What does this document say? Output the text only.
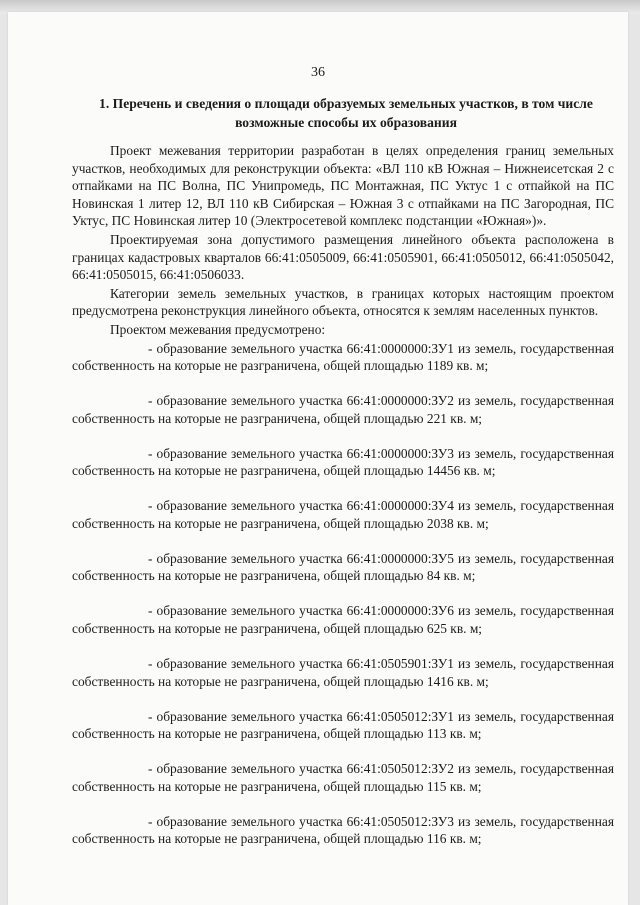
36
1. Перечень и сведения о площади образуемых земельных участков, в том числе возможные способы их образования

Проект межевания территории разработан в целях определения границ земельных участков, необходимых для реконструкции объекта: «ВЛ 110 кВ Южная – Нижнеисетская 2 с отпайками на ПС Волна, ПС Унипромедь, ПС Монтажная, ПС Уктус 1 с отпайкой на ПС Новинская 1 литер 12, ВЛ 110 кВ Сибирская – Южная 3 с отпайками на ПС Загородная, ПС Уктус, ПС Новинская литер 10 (Электросетевой комплекс подстанции «Южная»)».

Проектируемая зона допустимого размещения линейного объекта расположена в границах кадастровых кварталов 66:41:0505009, 66:41:0505901, 66:41:0505012, 66:41:0505042, 66:41:0505015, 66:41:0506033.

Категории земель земельных участков, в границах которых настоящим проектом предусмотрена реконструкция линейного объекта, относятся к землям населенных пунктов.

Проектом межевания предусмотрено:

- образование земельного участка 66:41:0000000:ЗУ1 из земель, государственная собственность на которые не разграничена, общей площадью 1189 кв. м;
- образование земельного участка 66:41:0000000:ЗУ2 из земель, государственная собственность на которые не разграничена, общей площадью 221 кв. м;
- образование земельного участка 66:41:0000000:ЗУ3 из земель, государственная собственность на которые не разграничена, общей площадью 14456 кв. м;
- образование земельного участка 66:41:0000000:ЗУ4 из земель, государственная собственность на которые не разграничена, общей площадью 2038 кв. м;
- образование земельного участка 66:41:0000000:ЗУ5 из земель, государственная собственность на которые не разграничена, общей площадью 84 кв. м;
- образование земельного участка 66:41:0000000:ЗУ6 из земель, государственная собственность на которые не разграничена, общей площадью 625 кв. м;
- образование земельного участка 66:41:0505901:ЗУ1 из земель, государственная собственность на которые не разграничена, общей площадью 1416 кв. м;
- образование земельного участка 66:41:0505012:ЗУ1 из земель, государственная собственность на которые не разграничена, общей площадью 113 кв. м;
- образование земельного участка 66:41:0505012:ЗУ2 из земель, государственная собственность на которые не разграничена, общей площадью 115 кв. м;
- образование земельного участка 66:41:0505012:ЗУ3 из земель, государственная собственность на которые не разграничена, общей площадью 116 кв. м;
